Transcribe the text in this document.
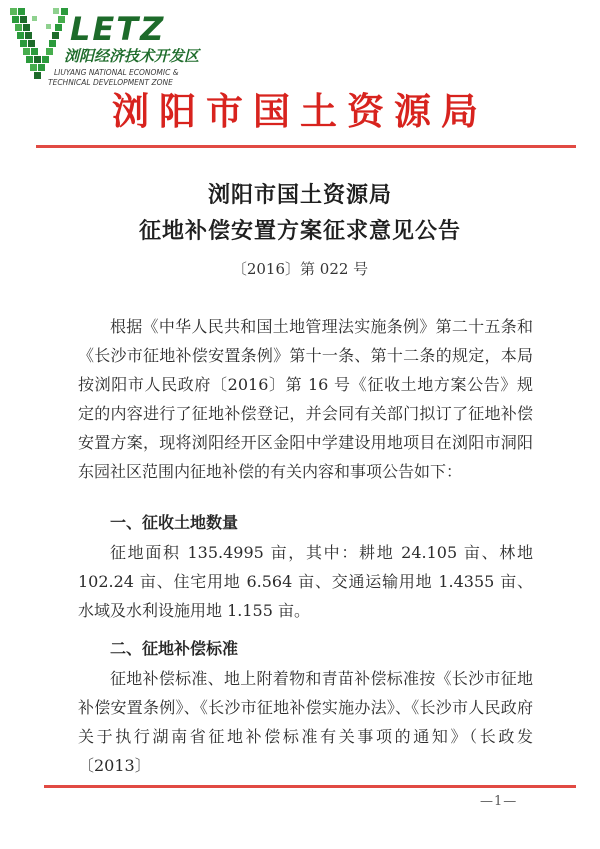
LETZ
浏阳经济技术开发区
LIUYANG NATIONAL ECONOMIC &
TECHNICAL DEVELOPMENT ZONE
浏阳市国土资源局
浏阳市国土资源局
征地补偿安置方案征求意见公告
〔2016〕第 022 号
根据《中华人民共和国土地管理法实施条例》第二十五条和《长沙市征地补偿安置条例》第十一条、第十二条的规定，本局按浏阳市人民政府〔2016〕第 16 号《征收土地方案公告》规定的内容进行了征地补偿登记，并会同有关部门拟订了征地补偿安置方案，现将浏阳经开区金阳中学建设用地项目在浏阳市洞阳东园社区范围内征地补偿的有关内容和事项公告如下：
一、征收土地数量
征地面积 135.4995 亩，其中：耕地 24.105 亩、林地 102.24 亩、住宅用地 6.564 亩、交通运输用地 1.4355 亩、水域及水利设施用地 1.155 亩。
二、征地补偿标准
征地补偿标准、地上附着物和青苗补偿标准按《长沙市征地补偿安置条例》、《长沙市征地补偿实施办法》、《长沙市人民政府关于执行湖南省征地补偿标准有关事项的通知》（长政发〔2013〕
—1—
